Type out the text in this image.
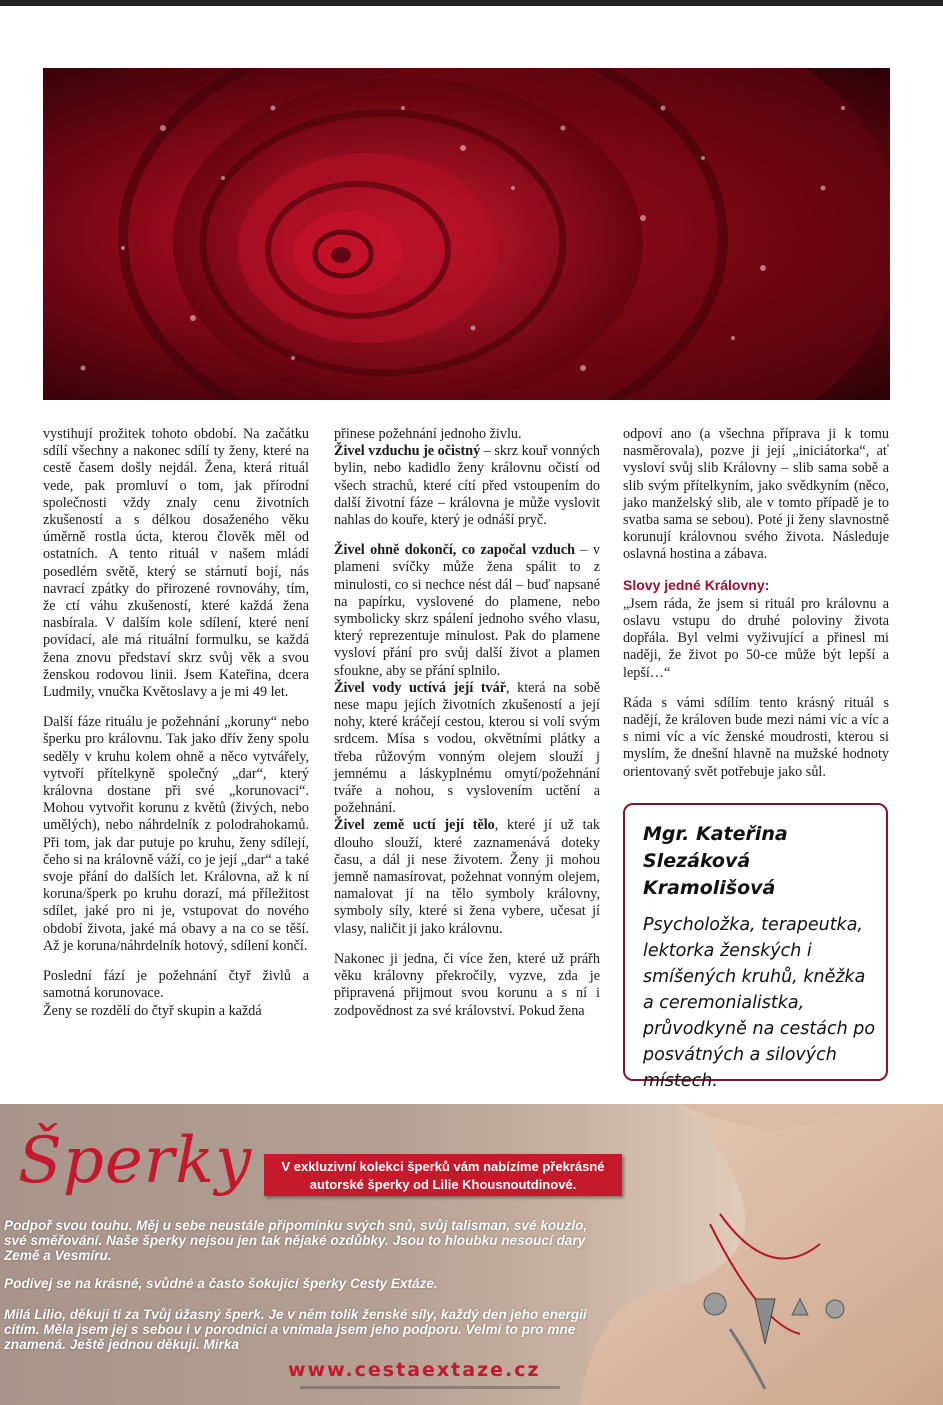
vystihují prožitek tohoto období. Na začátku sdílí všechny a nakonec sdílí ty ženy, které na cestě časem došly nejdál. Žena, která rituál vede, pak promluví o tom, jak přírodní společnosti vždy znaly cenu životních zkušeností a s délkou dosaženého věku úměrně rostla úcta, kterou člověk měl od ostatních. A tento rituál v našem mládí posedlém světě, který se stárnutí bojí, nás navrací zpátky do přirozené rovnováhy, tím, že ctí váhu zkušeností, které každá žena nasbírala. V dalším kole sdílení, které není povídací, ale má rituální formulku, se každá žena znovu představí skrz svůj věk a svou ženskou rodovou linii. Jsem Kateřina, dcera Ludmily, vnučka Květoslavy a je mi 49 let.

Další fáze rituálu je požehnání „koruny“ nebo šperku pro královnu. Tak jako dřív ženy spolu seděly v kruhu kolem ohně a něco vytvářely, vytvoří přítelkyně společný „dar“, který královna dostane při své „korunovaci“. Mohou vytvořit korunu z květů (živých, nebo umělých), nebo náhrdelník z polodrahokamů. Při tom, jak dar putuje po kruhu, ženy sdílejí, čeho si na královně váží, co je její „dar“ a také svoje přání do dalších let. Královna, až k ní koruna/šperk po kruhu dorazí, má příležitost sdílet, jaké pro ni je, vstupovat do nového období života, jaké má obavy a na co se těší. Až je koruna/náhrdelník hotový, sdílení končí.

Poslední fází je požehnání čtyř živlů a samotná korunovace.

Ženy se rozdělí do čtyř skupin a každá

přinese požehnání jednoho živlu.

Živel vzduchu je očistný – skrz kouř vonných bylin, nebo kadidlo ženy královnu očistí od všech strachů, které cítí před vstoupením do další životní fáze – královna je může vyslovit nahlas do kouře, který je odnáší pryč.

Živel ohně dokončí, co započal vzduch – v plameni svíčky může žena spálit to z minulosti, co si nechce nést dál – buď napsané na papírku, vyslovené do plamene, nebo symbolicky skrz spálení jednoho svého vlasu, který reprezentuje minulost. Pak do plamene vysloví přání pro svůj další život a plamen sfoukne, aby se přání splnilo.

Živel vody uctívá její tvář, která na sobě nese mapu jejích životních zkušeností a její nohy, které kráčejí cestou, kterou si volí svým srdcem. Mísa s vodou, okvětními plátky a třeba růžovým vonným olejem slouží j jemnému a láskyplnému omytí/požehnání tváře a nohou, s vyslovením uctění a požehnání.

Živel země uctí její tělo, které jí už tak dlouho slouží, které zaznamenává doteky času, a dál ji nese životem. Ženy ji mohou jemně namasírovat, požehnat vonným olejem, namalovat jí na tělo symboly královny, symboly síly, které si žena vybere, učesat jí vlasy, naličit ji jako královnu.

Nakonec ji jedna, či více žen, které už prářh věku královny překročily, vyzve, zda je připravená přijmout svou korunu a s ní i zodpovědnost za své království. Pokud žena

odpoví ano (a všechna příprava ji k tomu nasměrovala), pozve ji její „iniciátorka“, ať vysloví svůj slib Královny – slib sama sobě a slib svým přítelkyním, jako svědkyním (něco, jako manželský slib, ale v tomto případě je to svatba sama se sebou). Poté ji ženy slavnostně korunují královnou svého života. Následuje oslavná hostina a zábava.

Slovy jedné Královny:

„Jsem ráda, že jsem si rituál pro královnu a oslavu vstupu do druhé poloviny života dopřála. Byl velmi vyživující a přinesl mi naději, že život po 50-ce může být lepší a lepší…“

Ráda s vámi sdílím tento krásný rituál s nadějí, že královen bude mezi námi víc a víc a s nimi víc a víc ženské moudrosti, kterou si myslím, že dnešní hlavně na mužské hodnoty orientovaný svět potřebuje jako sůl.

Mgr. Kateřina Slezáková Kramolišová

Psycholožka, terapeutka, lektorka ženských i smíšených kruhů, kněžka a ceremonialistka, průvodkyně na cestách po posvátných a silových místech.

Šperky	V exkluzivní kolekci šperků vám nabízíme překrásné autorské šperky od Lilie Khousnoutdinové.
Podpoř svou touhu. Měj u sebe neustále připomínku svých snů, svůj talisman, své kouzlo, své směřování. Naše šperky nejsou jen tak nějaké ozdůbky. Jsou to hloubku nesoucí dary Země a Vesmíru.
Podívej se na krásné, svůdné a často šokující šperky Cesty Extáze.
Milá Lilio, děkuji ti za Tvůj úžasný šperk. Je v něm tolik ženské síly, každý den jeho energii cítím. Měla jsem jej s sebou i v porodnici a vnímala jsem jeho podporu. Velmi to pro mne znamená. Ještě jednou děkuji. Mirka
www.cestaextaze.cz
